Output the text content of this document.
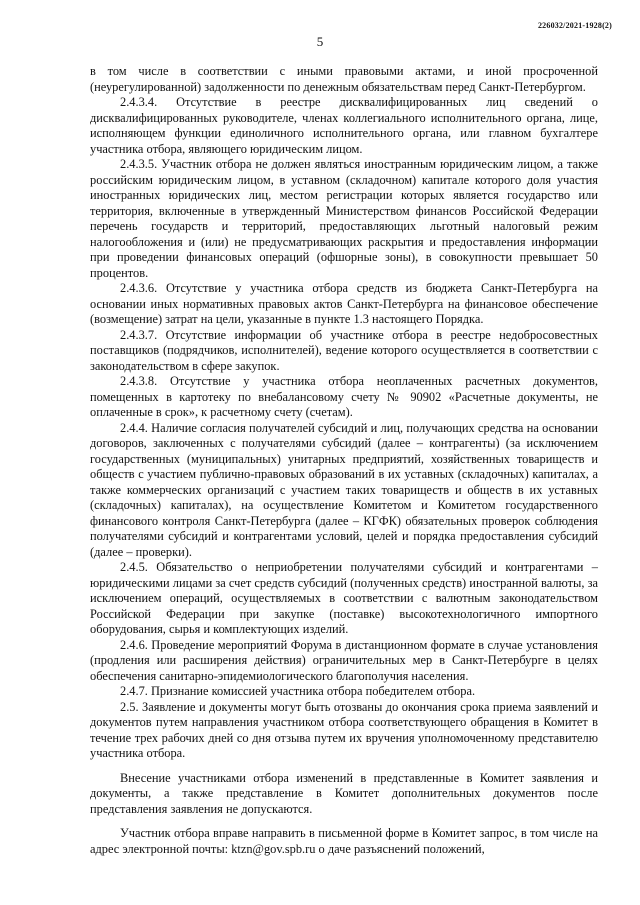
226032/2021-1928(2)
5

в том числе в соответствии с иными правовыми актами, и иной просроченной (неурегулированной) задолженности по денежным обязательствам перед Санкт-Петербургом.

2.4.3.4. Отсутствие в реестре дисквалифицированных лиц сведений о дисквалифицированных руководителе, членах коллегиального исполнительного органа, лице, исполняющем функции единоличного исполнительного органа, или главном бухгалтере участника отбора, являющего юридическим лицом.

2.4.3.5. Участник отбора не должен являться иностранным юридическим лицом, а также российским юридическим лицом, в уставном (складочном) капитале которого доля участия иностранных юридических лиц, местом регистрации которых является государство или территория, включенные в утвержденный Министерством финансов Российской Федерации перечень государств и территорий, предоставляющих льготный налоговый режим налогообложения и (или) не предусматривающих раскрытия и предоставления информации при проведении финансовых операций (офшорные зоны), в совокупности превышает 50 процентов.

2.4.3.6. Отсутствие у участника отбора средств из бюджета Санкт-Петербурга на основании иных нормативных правовых актов Санкт-Петербурга на финансовое обеспечение (возмещение) затрат на цели, указанные в пункте 1.3 настоящего Порядка.

2.4.3.7. Отсутствие информации об участнике отбора в реестре недобросовестных поставщиков (подрядчиков, исполнителей), ведение которого осуществляется в соответствии с законодательством в сфере закупок.

2.4.3.8. Отсутствие у участника отбора неоплаченных расчетных документов, помещенных в картотеку по внебалансовому счету № 90902 «Расчетные документы, не оплаченные в срок», к расчетному счету (счетам).

2.4.4. Наличие согласия получателей субсидий и лиц, получающих средства на основании договоров, заключенных с получателями субсидий (далее – контрагенты) (за исключением государственных (муниципальных) унитарных предприятий, хозяйственных товариществ и обществ с участием публично-правовых образований в их уставных (складочных) капиталах, а также коммерческих организаций с участием таких товариществ и обществ в их уставных (складочных) капиталах), на осуществление Комитетом и Комитетом государственного финансового контроля Санкт-Петербурга (далее – КГФК) обязательных проверок соблюдения получателями субсидий и контрагентами условий, целей и порядка предоставления субсидий (далее – проверки).

2.4.5. Обязательство о неприобретении получателями субсидий и контрагентами – юридическими лицами за счет средств субсидий (полученных средств) иностранной валюты, за исключением операций, осуществляемых в соответствии с валютным законодательством Российской Федерации при закупке (поставке) высокотехнологичного импортного оборудования, сырья и комплектующих изделий.

2.4.6. Проведение мероприятий Форума в дистанционном формате в случае установления (продления или расширения действия) ограничительных мер в Санкт-Петербурге в целях обеспечения санитарно-эпидемиологического благополучия населения.

2.4.7. Признание комиссией участника отбора победителем отбора.

2.5. Заявление и документы могут быть отозваны до окончания срока приема заявлений и документов путем направления участником отбора соответствующего обращения в Комитет в течение трех рабочих дней со дня отзыва путем их вручения уполномоченному представителю участника отбора.

Внесение участниками отбора изменений в представленные в Комитет заявления и документы, а также представление в Комитет дополнительных документов после представления заявления не допускаются.

Участник отбора вправе направить в письменной форме в Комитет запрос, в том числе на адрес электронной почты: ktzn@gov.spb.ru о даче разъяснений положений,
